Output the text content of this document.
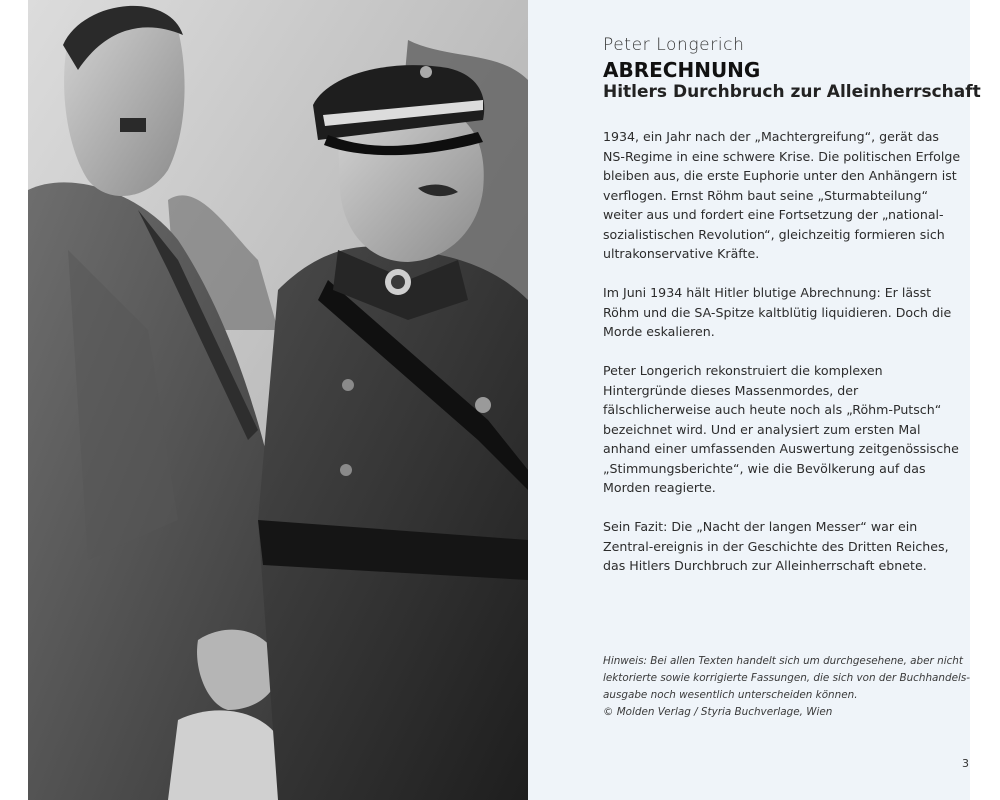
Peter Longerich
ABRECHNUNG
Hitlers Durchbruch zur Alleinherrschaft

1934, ein Jahr nach der „Machtergreifung“, gerät das NS-Regime in eine schwere Krise. Die politischen Erfolge bleiben aus, die erste Euphorie unter den Anhängern ist verflogen. Ernst Röhm baut seine „Sturmabteilung“ weiter aus und fordert eine Fortsetzung der „national-sozialistischen Revolution“, gleichzeitig formieren sich ultrakonservative Kräfte.

Im Juni 1934 hält Hitler blutige Abrechnung: Er lässt Röhm und die SA-Spitze kaltblütig liquidieren. Doch die Morde eskalieren.

Peter Longerich rekonstruiert die komplexen Hintergründe dieses Massenmordes, der fälschlicherweise auch heute noch als „Röhm-Putsch“ bezeichnet wird. Und er analysiert zum ersten Mal anhand einer umfassenden Auswertung zeitgenössische „Stimmungsberichte“, wie die Bevölkerung auf das Morden reagierte.

Sein Fazit: Die „Nacht der langen Messer“ war ein Zentral-ereignis in der Geschichte des Dritten Reiches, das Hitlers Durchbruch zur Alleinherrschaft ebnete.

Hinweis: Bei allen Texten handelt sich um durchgesehene, aber nicht
lektorierte sowie korrigierte Fassungen, die sich von der Buchhandels-
ausgabe noch wesentlich unterscheiden können.
© Molden Verlag / Styria Buchverlage, Wien
3
